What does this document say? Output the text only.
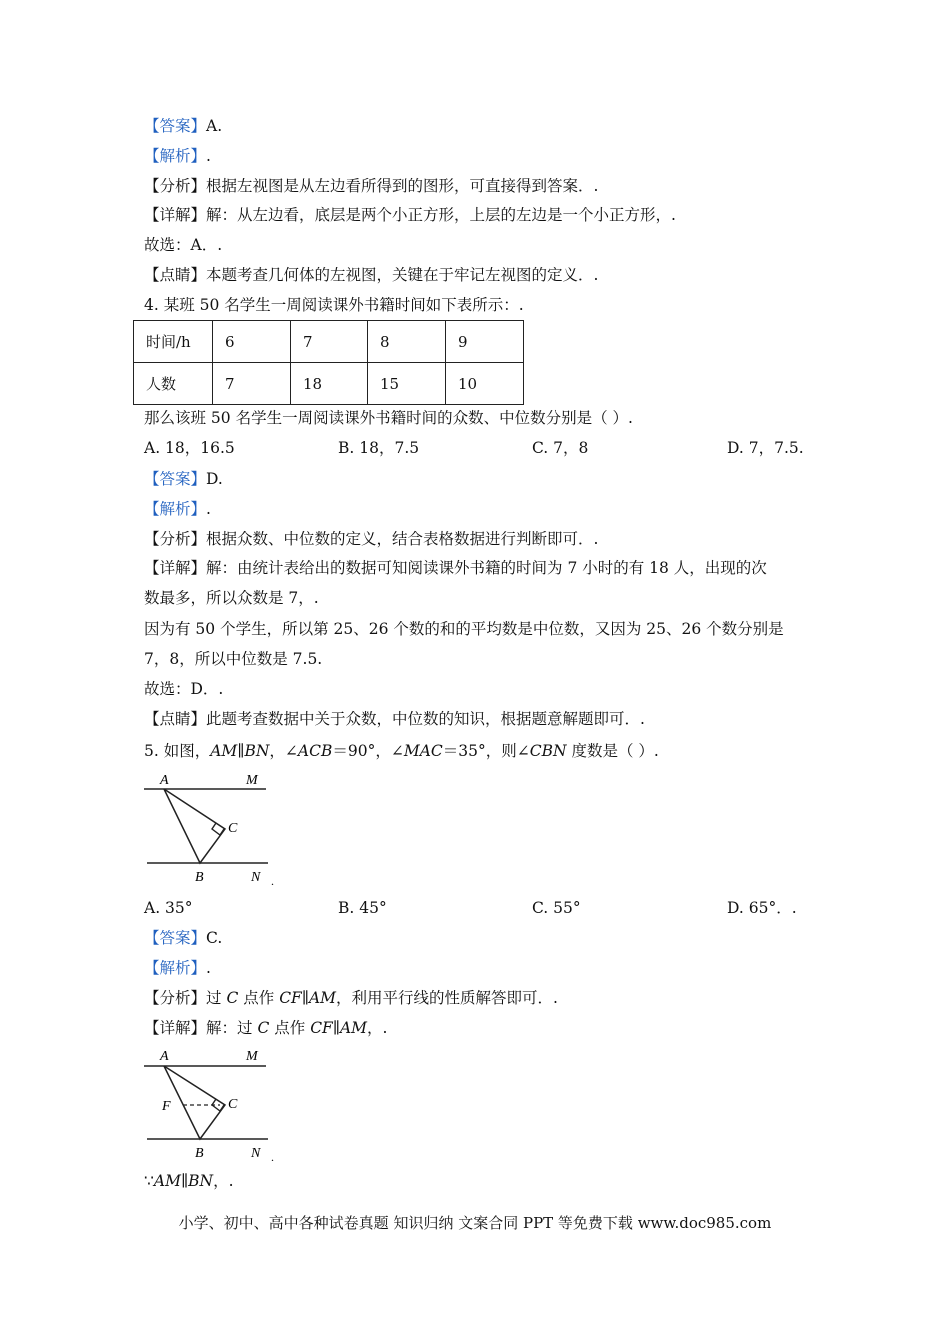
【答案】A.
【解析】.
【分析】根据左视图是从左边看所得到的图形，可直接得到答案．.
【详解】解：从左边看，底层是两个小正方形，上层的左边是一个小正方形，.
故选：A．.
【点睛】本题考查几何体的左视图，关键在于牢记左视图的定义．.
4. 某班 50 名学生一周阅读课外书籍时间如下表所示：.
时间/h	6	7	8	9
人数	7	18	15	10
那么该班 50 名学生一周阅读课外书籍时间的众数、中位数分别是（ ）.
A. 18，16.5	B. 18，7.5	C. 7，8	D. 7，7.5.
【答案】D.
【解析】.
【分析】根据众数、中位数的定义，结合表格数据进行判断即可．.
【详解】解：由统计表给出的数据可知阅读课外书籍的时间为 7 小时的有 18 人，出现的次
数最多，所以众数是 7，.
因为有 50 个学生，所以第 25、26 个数的和的平均数是中位数，又因为 25、26 个数分别是
7，8，所以中位数是 7.5.
故选：D．.
【点睛】此题考查数据中关于众数，中位数的知识，根据题意解题即可．.
5. 如图，AM∥BN，∠ACB＝90°，∠MAC＝35°，则∠CBN 度数是（ ）.
A	M
C
B	N .
A. 35°	B. 45°	C. 55°	D. 65°．.
【答案】C.
【解析】.
【分析】过 C 点作 CF∥AM，利用平行线的性质解答即可．.
【详解】解：过 C 点作 CF∥AM，.
A	M
F	C
B	N .
∵AM∥BN，.
小学、初中、高中各种试卷真题 知识归纳 文案合同 PPT 等免费下载 www.doc985.com
